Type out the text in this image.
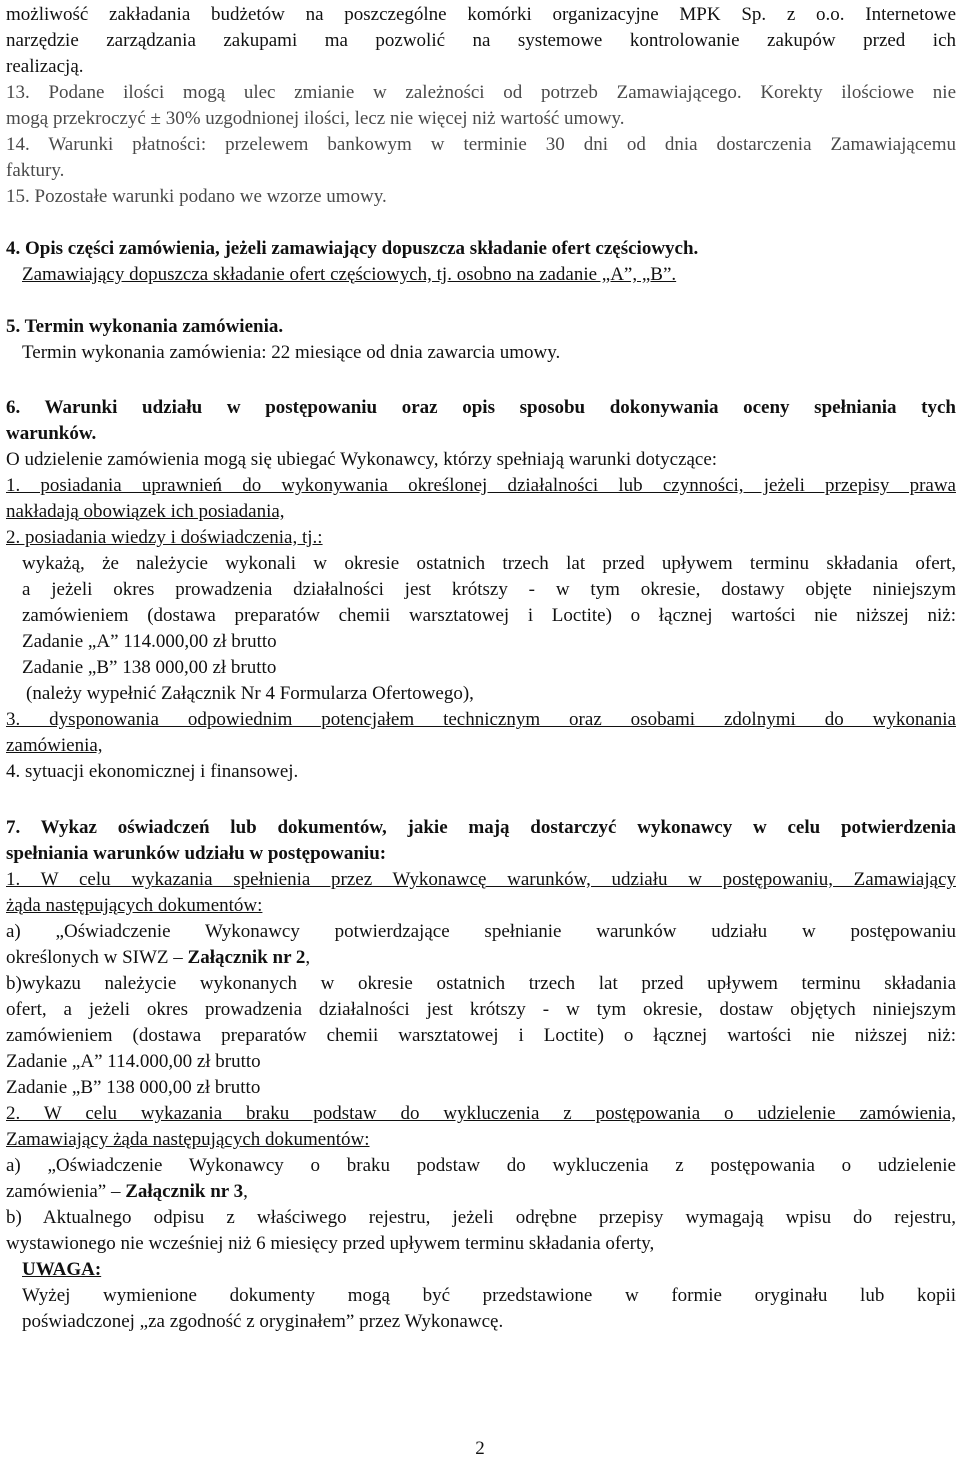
możliwość zakładania budżetów na poszczególne komórki organizacyjne MPK Sp. z o.o. Internetowe
narzędzie zarządzania zakupami ma pozwolić na systemowe kontrolowanie zakupów przed ich
realizacją.
13. Podane ilości mogą ulec zmianie w zależności od potrzeb Zamawiającego. Korekty ilościowe nie
mogą przekroczyć ± 30% uzgodnionej ilości, lecz nie więcej niż wartość umowy.
14. Warunki płatności: przelewem bankowym w terminie 30 dni od dnia dostarczenia Zamawiającemu
faktury.
15. Pozostałe warunki podano we wzorze umowy.
4. Opis części zamówienia, jeżeli zamawiający dopuszcza składanie ofert częściowych.
Zamawiający dopuszcza składanie ofert częściowych, tj. osobno na zadanie „A”, „B”.
5. Termin wykonania zamówienia.
Termin wykonania zamówienia: 22 miesiące od dnia zawarcia umowy.
6. Warunki udziału w postępowaniu oraz opis sposobu dokonywania oceny spełniania tych
warunków.
O udzielenie zamówienia mogą się ubiegać Wykonawcy, którzy spełniają warunki dotyczące:
1. posiadania uprawnień do wykonywania określonej działalności lub czynności, jeżeli przepisy prawa
nakładają obowiązek ich posiadania,
2. posiadania wiedzy i doświadczenia, tj.:
wykażą, że należycie wykonali w okresie ostatnich trzech lat przed upływem terminu składania ofert,
a jeżeli okres prowadzenia działalności jest krótszy - w tym okresie, dostawy objęte niniejszym
zamówieniem (dostawa preparatów chemii warsztatowej i Loctite) o łącznej wartości nie niższej niż:
Zadanie „A” 114.000,00 zł brutto
Zadanie „B” 138 000,00 zł brutto
(należy wypełnić Załącznik Nr 4 Formularza Ofertowego),
3. dysponowania odpowiednim potencjałem technicznym oraz osobami zdolnymi do wykonania
zamówienia,
4. sytuacji ekonomicznej i finansowej.
7. Wykaz oświadczeń lub dokumentów, jakie mają dostarczyć wykonawcy w celu potwierdzenia
spełniania warunków udziału w postępowaniu:
1. W celu wykazania spełnienia przez Wykonawcę warunków, udziału w postępowaniu, Zamawiający
żąda następujących dokumentów:
a) „Oświadczenie Wykonawcy potwierdzające spełnianie warunków udziału w postępowaniu
określonych w SIWZ – Załącznik nr 2,
b)wykazu należycie wykonanych w okresie ostatnich trzech lat przed upływem terminu składania
ofert, a jeżeli okres prowadzenia działalności jest krótszy - w tym okresie, dostaw objętych niniejszym
zamówieniem (dostawa preparatów chemii warsztatowej i Loctite) o łącznej wartości nie niższej niż:
Zadanie „A” 114.000,00 zł brutto
Zadanie „B” 138 000,00 zł brutto
2. W celu wykazania braku podstaw do wykluczenia z postępowania o udzielenie zamówienia,
Zamawiający żąda następujących dokumentów:
a) „Oświadczenie Wykonawcy o braku podstaw do wykluczenia z postępowania o udzielenie
zamówienia” – Załącznik nr 3,
b) Aktualnego odpisu z właściwego rejestru, jeżeli odrębne przepisy wymagają wpisu do rejestru,
wystawionego nie wcześniej niż 6 miesięcy przed upływem terminu składania oferty,
UWAGA:
Wyżej wymienione dokumenty mogą być przedstawione w formie oryginału lub kopii
poświadczonej „za zgodność z oryginałem” przez Wykonawcę.
2
